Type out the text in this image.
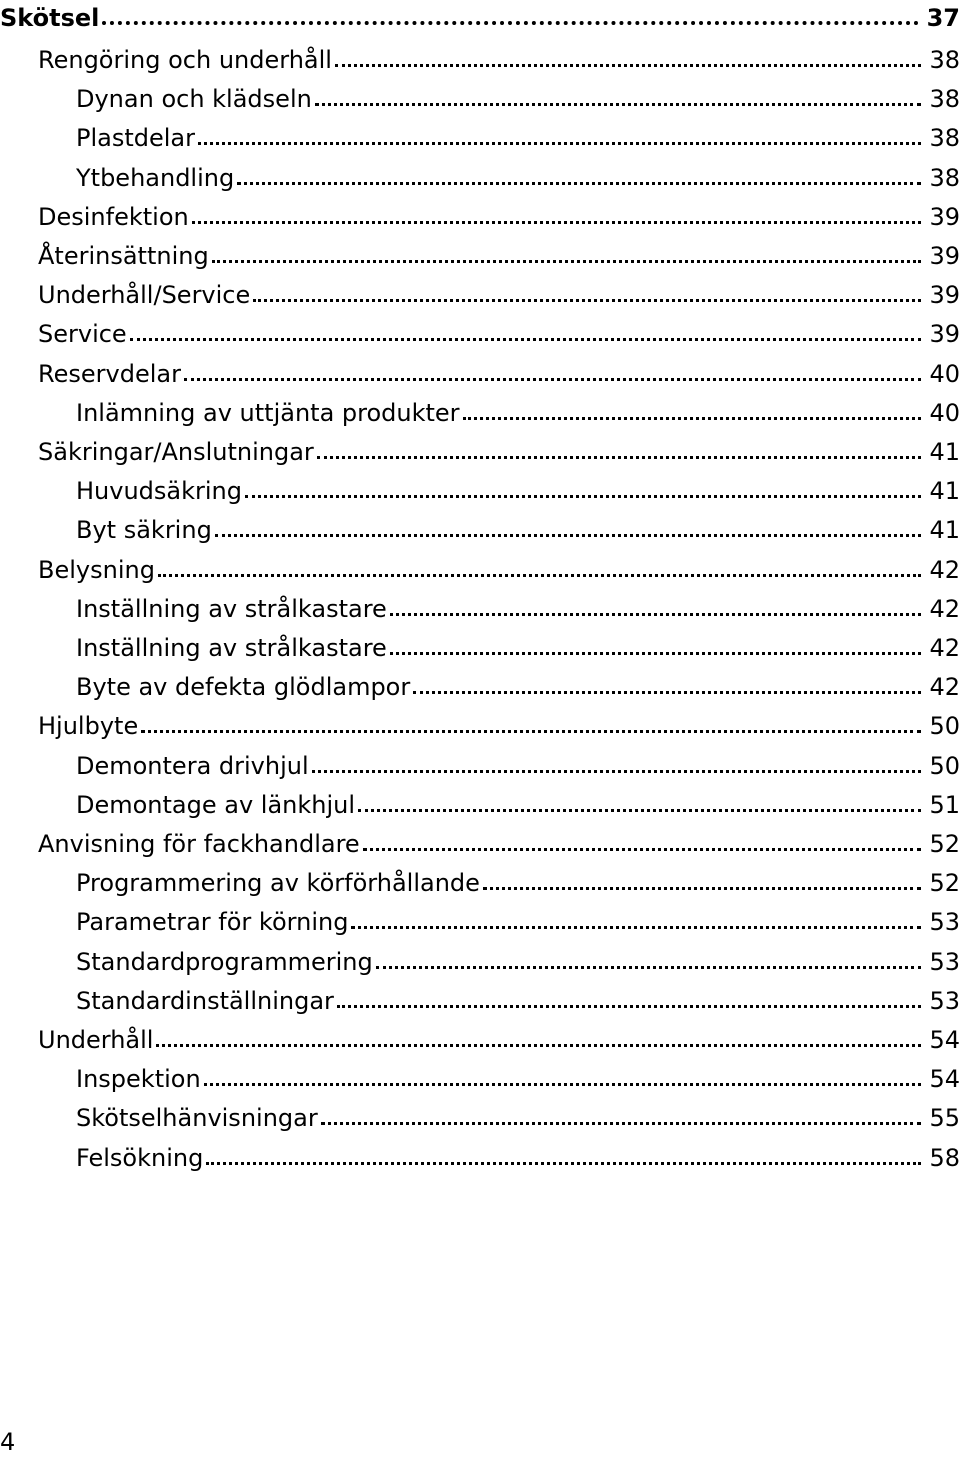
Skötsel	37
Rengöring och underhåll	38
Dynan och klädseln	38
Plastdelar	38
Ytbehandling	38
Desinfektion	39
Återinsättning	39
Underhåll/Service	39
Service	39
Reservdelar	40
Inlämning av uttjänta produkter	40
Säkringar/Anslutningar	41
Huvudsäkring	41
Byt säkring	41
Belysning	42
Inställning av strålkastare	42
Inställning av strålkastare	42
Byte av defekta glödlampor	42
Hjulbyte	50
Demontera drivhjul	50
Demontage av länkhjul	51
Anvisning för fackhandlare	52
Programmering av körförhållande	52
Parametrar för körning	53
Standardprogrammering	53
Standardinställningar	53
Underhåll	54
Inspektion	54
Skötselhänvisningar	55
Felsökning	58
4
